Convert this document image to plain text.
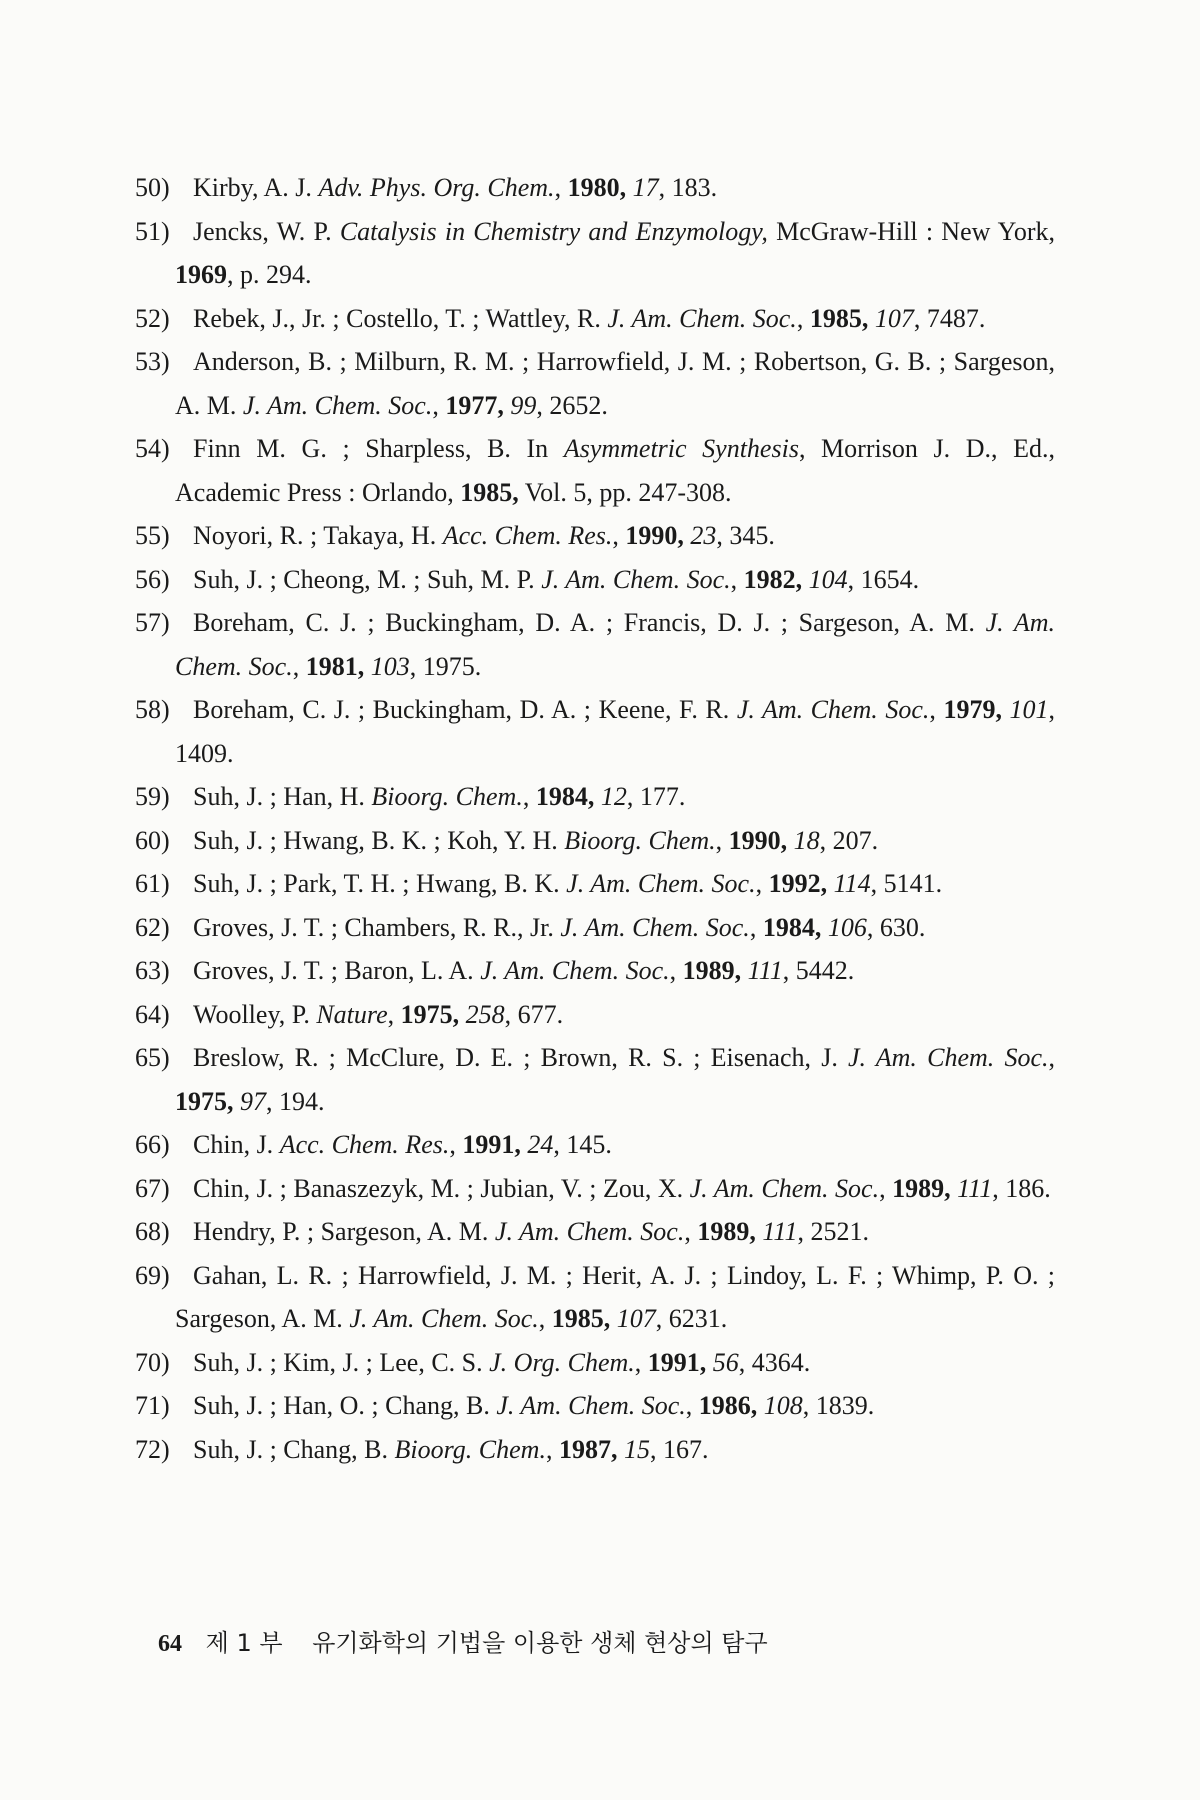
50) Kirby, A. J. Adv. Phys. Org. Chem., 1980, 17, 183.
51) Jencks, W. P. Catalysis in Chemistry and Enzymology, McGraw-Hill : New York, 1969, p. 294.
52) Rebek, J., Jr. ; Costello, T. ; Wattley, R. J. Am. Chem. Soc., 1985, 107, 7487.
53) Anderson, B. ; Milburn, R. M. ; Harrowfield, J. M. ; Robertson, G. B. ; Sargeson, A. M. J. Am. Chem. Soc., 1977, 99, 2652.
54) Finn M. G. ; Sharpless, B. In Asymmetric Synthesis, Morrison J. D., Ed., Academic Press : Orlando, 1985, Vol. 5, pp. 247-308.
55) Noyori, R. ; Takaya, H. Acc. Chem. Res., 1990, 23, 345.
56) Suh, J. ; Cheong, M. ; Suh, M. P. J. Am. Chem. Soc., 1982, 104, 1654.
57) Boreham, C. J. ; Buckingham, D. A. ; Francis, D. J. ; Sargeson, A. M. J. Am. Chem. Soc., 1981, 103, 1975.
58) Boreham, C. J. ; Buckingham, D. A. ; Keene, F. R. J. Am. Chem. Soc., 1979, 101, 1409.
59) Suh, J. ; Han, H. Bioorg. Chem., 1984, 12, 177.
60) Suh, J. ; Hwang, B. K. ; Koh, Y. H. Bioorg. Chem., 1990, 18, 207.
61) Suh, J. ; Park, T. H. ; Hwang, B. K. J. Am. Chem. Soc., 1992, 114, 5141.
62) Groves, J. T. ; Chambers, R. R., Jr. J. Am. Chem. Soc., 1984, 106, 630.
63) Groves, J. T. ; Baron, L. A. J. Am. Chem. Soc., 1989, 111, 5442.
64) Woolley, P. Nature, 1975, 258, 677.
65) Breslow, R. ; McClure, D. E. ; Brown, R. S. ; Eisenach, J. J. Am. Chem. Soc., 1975, 97, 194.
66) Chin, J. Acc. Chem. Res., 1991, 24, 145.
67) Chin, J. ; Banaszezyk, M. ; Jubian, V. ; Zou, X. J. Am. Chem. Soc., 1989, 111, 186.
68) Hendry, P. ; Sargeson, A. M. J. Am. Chem. Soc., 1989, 111, 2521.
69) Gahan, L. R. ; Harrowfield, J. M. ; Herit, A. J. ; Lindoy, L. F. ; Whimp, P. O. ; Sargeson, A. M. J. Am. Chem. Soc., 1985, 107, 6231.
70) Suh, J. ; Kim, J. ; Lee, C. S. J. Org. Chem., 1991, 56, 4364.
71) Suh, J. ; Han, O. ; Chang, B. J. Am. Chem. Soc., 1986, 108, 1839.
72) Suh, J. ; Chang, B. Bioorg. Chem., 1987, 15, 167.
64 제 1 부 유기화학의 기법을 이용한 생체 현상의 탐구
